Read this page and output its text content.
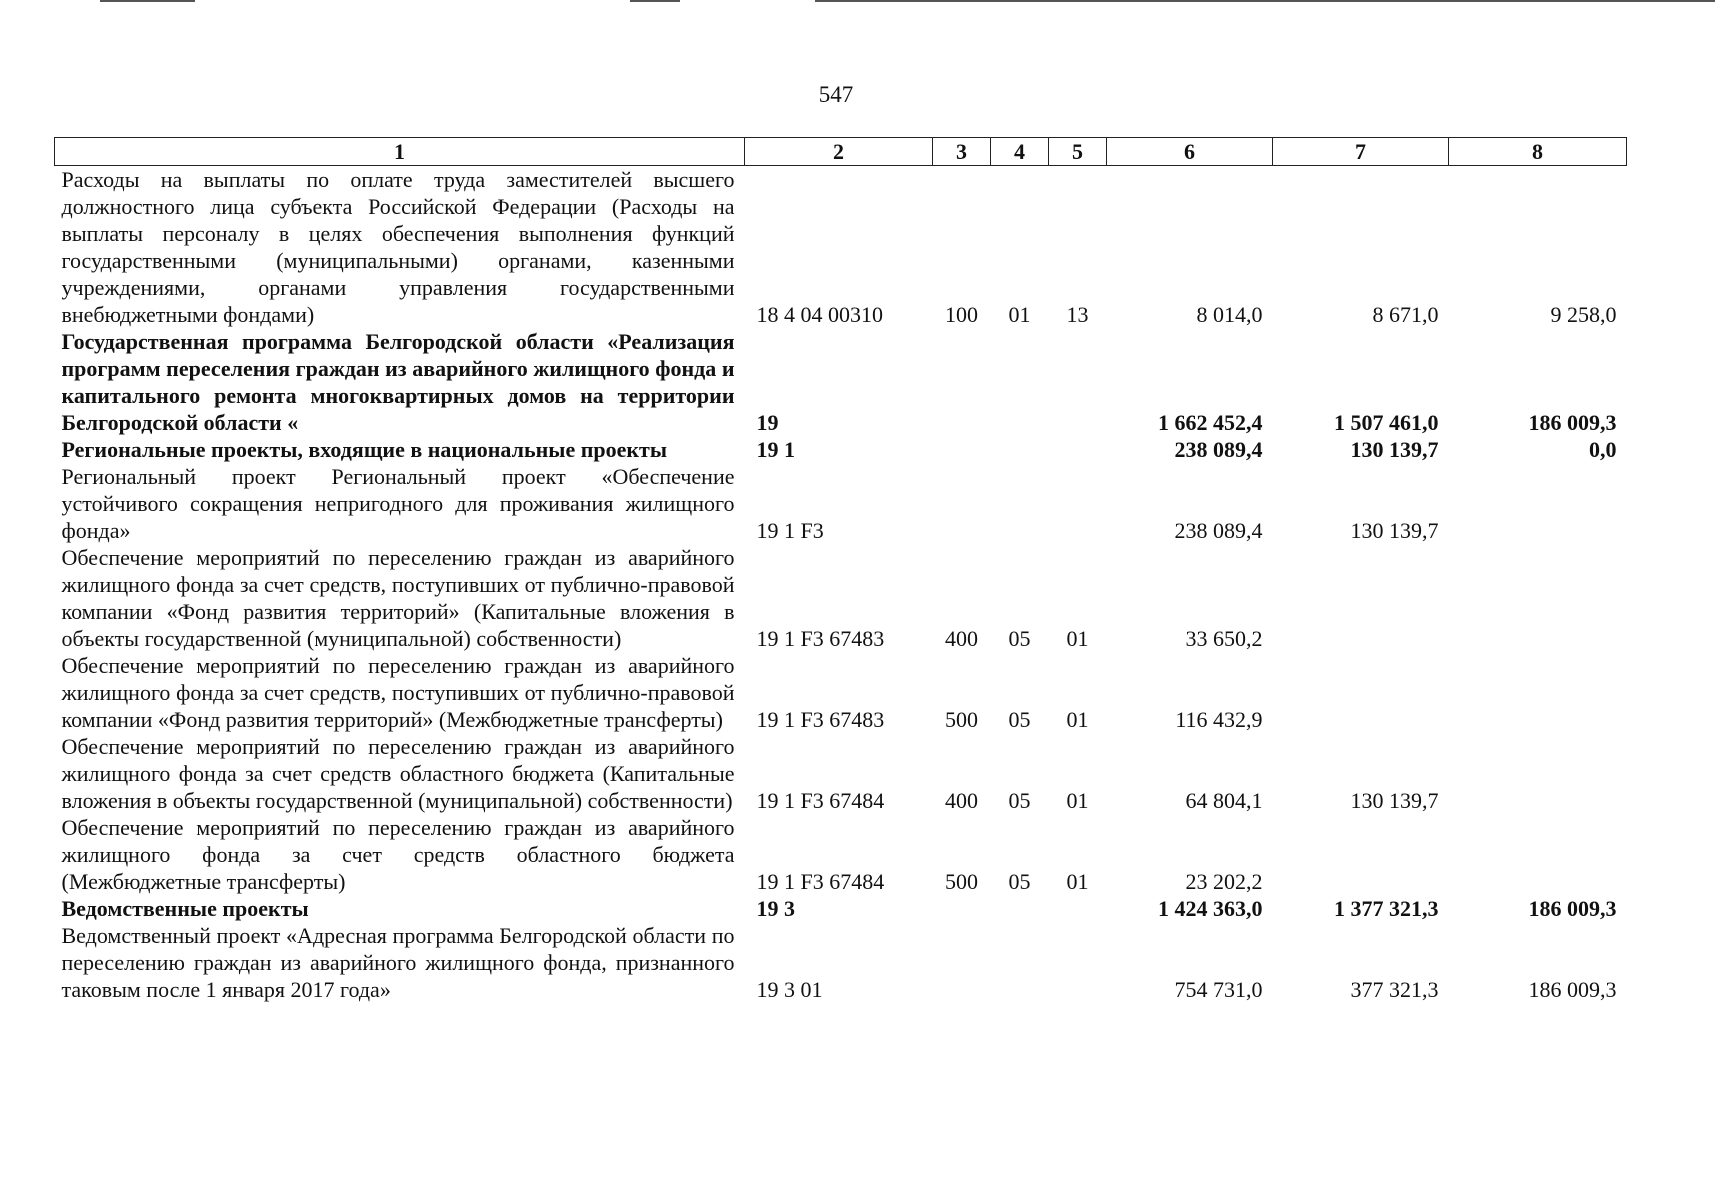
547
1	2	3	4	5	6	7	8
Расходы на выплаты по оплате труда заместителей высшего должностного лица субъекта Российской Федерации (Расходы на выплаты персоналу в целях обеспечения выполнения функций государственными (муниципальными) органами, казенными учреждениями, органами управления государственными внебюджетными фондами)	18 4 04 00310	100	01	13	8 014,0	8 671,0	9 258,0
Государственная программа Белгородской области «Реализация программ переселения граждан из аварийного жилищного фонда и капитального ремонта многоквартирных домов на территории Белгородской области «	19				1 662 452,4	1 507 461,0	186 009,3
Региональные проекты, входящие в национальные проекты	19 1				238 089,4	130 139,7	0,0
Региональный проект Региональный проект «Обеспечение устойчивого сокращения непригодного для проживания жилищного фонда»	19 1 F3				238 089,4	130 139,7	
Обеспечение мероприятий по переселению граждан из аварийного жилищного фонда за счет средств, поступивших от публично-правовой компании «Фонд развития территорий» (Капитальные вложения в объекты государственной (муниципальной) собственности)	19 1 F3 67483	400	05	01	33 650,2		
Обеспечение мероприятий по переселению граждан из аварийного жилищного фонда за счет средств, поступивших от публично-правовой компании «Фонд развития территорий» (Межбюджетные трансферты)	19 1 F3 67483	500	05	01	116 432,9		
Обеспечение мероприятий по переселению граждан из аварийного жилищного фонда за счет средств областного бюджета (Капитальные вложения в объекты государственной (муниципальной) собственности)	19 1 F3 67484	400	05	01	64 804,1	130 139,7	
Обеспечение мероприятий по переселению граждан из аварийного жилищного фонда за счет средств областного бюджета (Межбюджетные трансферты)	19 1 F3 67484	500	05	01	23 202,2		
Ведомственные проекты	19 3				1 424 363,0	1 377 321,3	186 009,3
Ведомственный проект «Адресная программа Белгородской области по переселению граждан из аварийного жилищного фонда, признанного таковым после 1 января 2017 года»	19 3 01				754 731,0	377 321,3	186 009,3
